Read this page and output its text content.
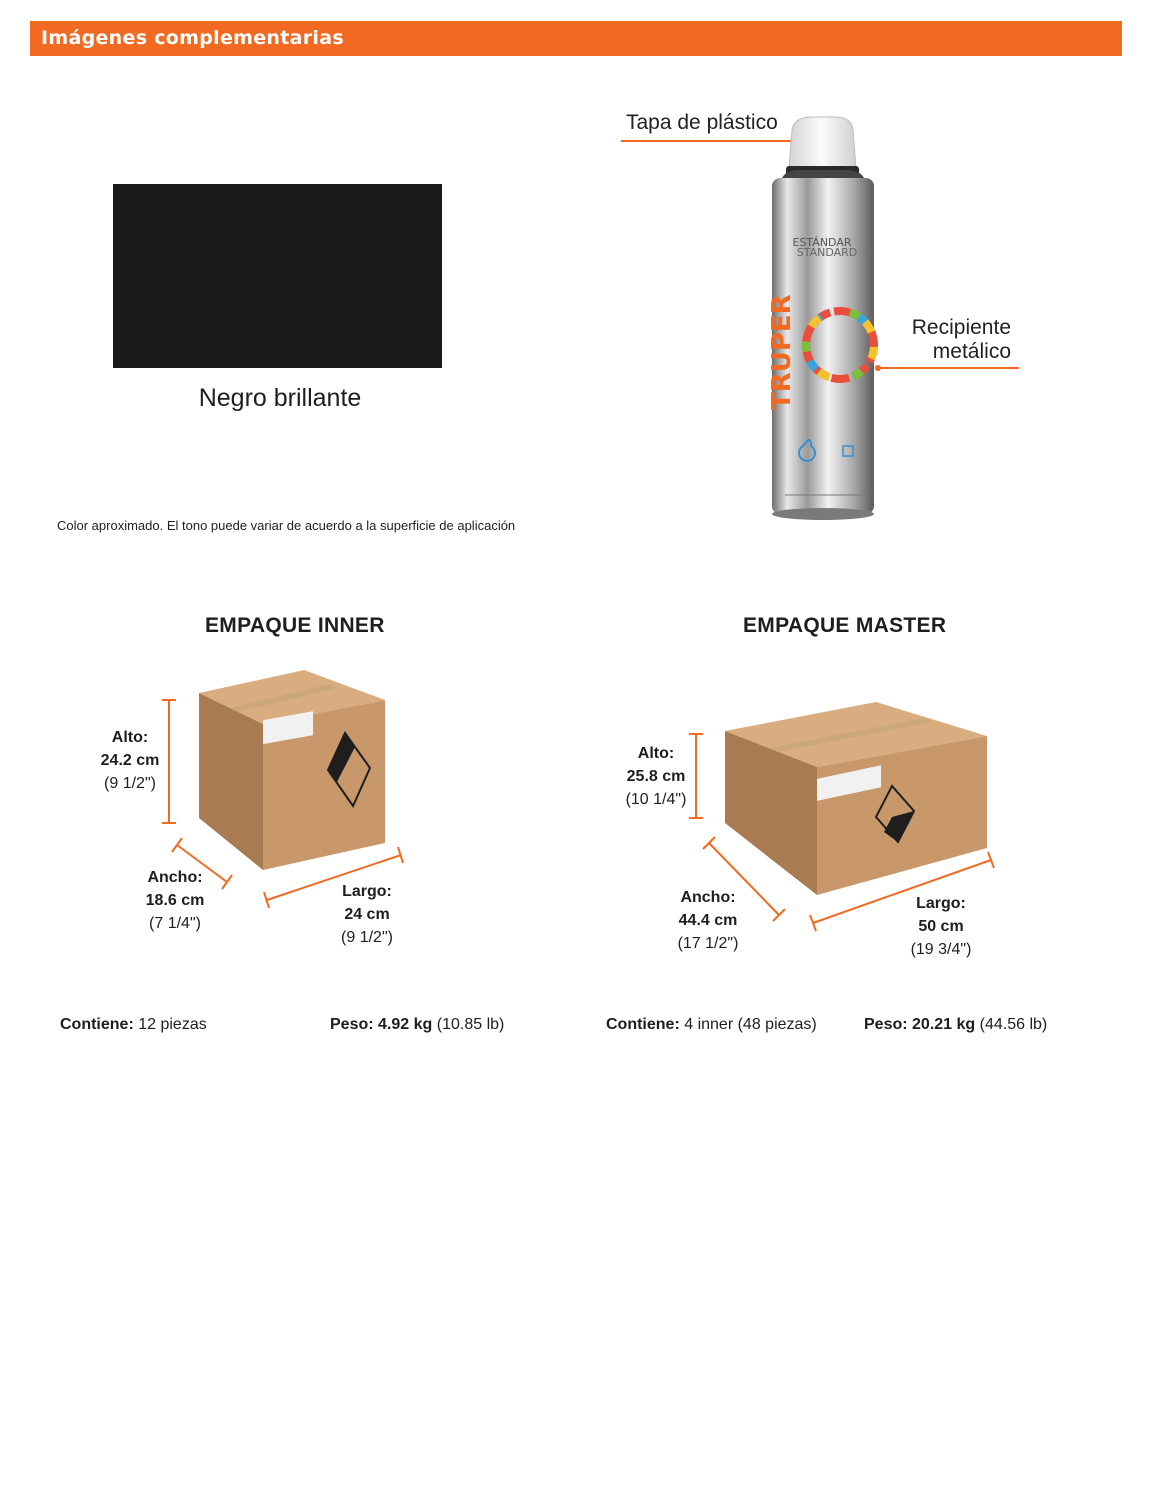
Imágenes complementarias
Negro brillante
Color aproximado. El tono puede variar de acuerdo a la superficie de aplicación
Tapa de plástico
Recipiente
metálico
TRUPER
ESTÁNDAR
STANDARD
EMPAQUE INNER
Alto:
24.2 cm
(9 1/2")
Ancho:
18.6 cm
(7 1/4")
Largo:
24 cm
(9 1/2")
Contiene: 12 piezas	Peso: 4.92 kg (10.85 lb)
EMPAQUE MASTER
Alto:
25.8 cm
(10 1/4")
Ancho:
44.4 cm
(17 1/2")
Largo:
50 cm
(19 3/4")
Contiene: 4 inner (48 piezas)	Peso: 20.21 kg (44.56 lb)
